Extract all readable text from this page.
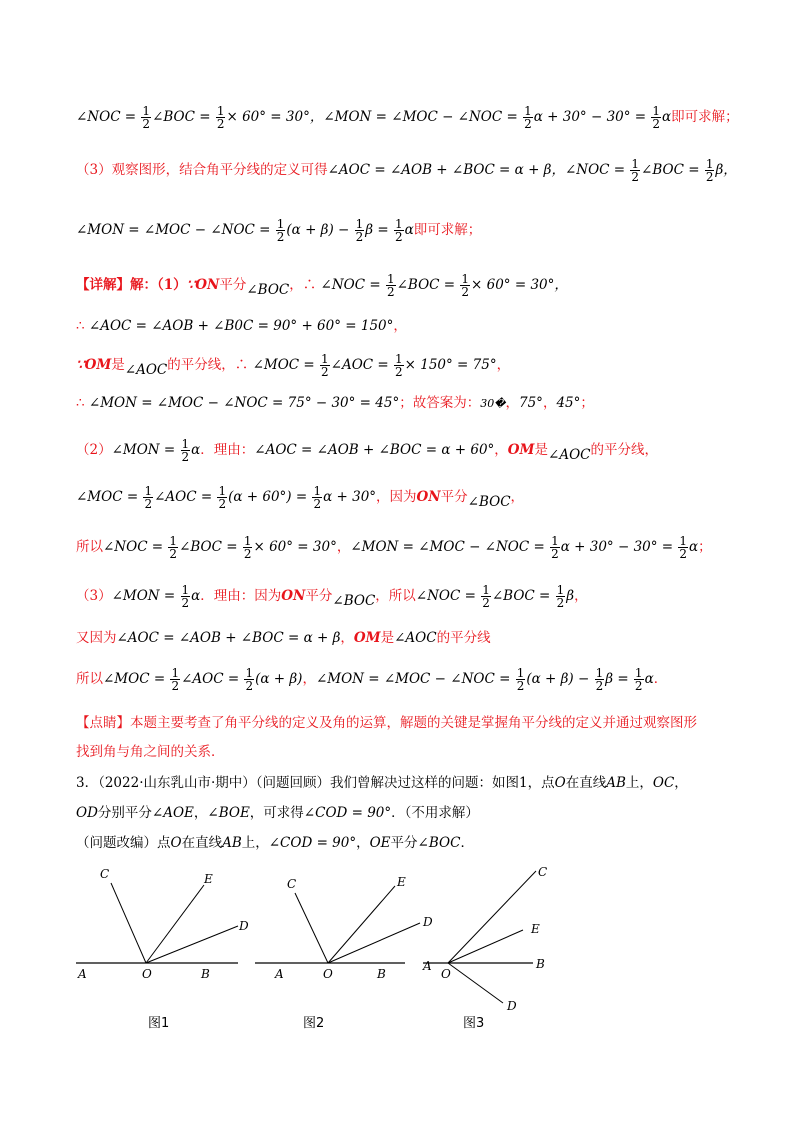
∠NOC = $\frac{1}{2}$ ∠BOC = $\frac{1}{2} \times 60^\circ = 30^\circ$，∠MON = ∠MOC − ∠NOC = $\frac{1}{2}$ $\alpha + 30^\circ - 30^\circ = \frac{1}{2}$ α即可求解；
（3）观察图形，结合角平分线的定义可得∠AOC = ∠AOB + ∠BOC = α + β，∠NOC = $\frac{1}{2}$ ∠BOC = $\frac{1}{2}$ β，
∠MON = ∠MOC − ∠NOC = $\frac{1}{2} (\alpha + \beta) - \frac{1}{2}$ $\beta = \frac{1}{2}$ α即可求解；
【详解】解：（1）∵ON平分∠BOC，∴ ∠NOC = $\frac{1}{2}$ ∠BOC = $\frac{1}{2} \times 60^\circ = 30^\circ$，
∴ ∠AOC = ∠AOB + ∠B0C = 90° + 60° = 150°，
∵OM是∠AOC的平分线，∴ ∠MOC = $\frac{1}{2}$ ∠AOC = $\frac{1}{2} \times 150^\circ = 75^\circ$，
∴ ∠MON = ∠MOC − ∠NOC = 75° − 30° = 45°；故答案为：30�，75°，45°；
（2）∠MON = $\frac{1}{2}$ α．理由：∠AOC = ∠AOB + ∠BOC = α + 60°，OM是∠AOC的平分线，
∠MOC = $\frac{1}{2}$ ∠AOC = $\frac{1}{2} (\alpha + 60^\circ) = \frac{1}{2}$ α + 30°，因为ON平分∠BOC，
所以∠NOC = $\frac{1}{2}$ ∠BOC = $\frac{1}{2} \times 60^\circ = 30^\circ$，∠MON = ∠MOC − ∠NOC = $\frac{1}{2}$ $\alpha + 30^\circ - 30^\circ = \frac{1}{2}$ α；
（3）∠MON = $\frac{1}{2}$ α．理由：因为ON平分∠BOC，所以∠NOC = $\frac{1}{2}$ ∠BOC = $\frac{1}{2}$ β，
又因为∠AOC = ∠AOB + ∠BOC = α + β，OM是∠AOC的平分线
所以∠MOC = $\frac{1}{2}$ ∠AOC = $\frac{1}{2} (\alpha + \beta)$，∠MON = ∠MOC − ∠NOC = $\frac{1}{2} (\alpha + \beta) - \frac{1}{2}$ $\beta = \frac{1}{2}$ α．
【点睛】本题主要考查了角平分线的定义及角的运算，解题的关键是掌握角平分线的定义并通过观察图形
找到角与角之间的关系．
3．（2022·山东乳山市·期中）（问题回顾）我们曾解决过这样的问题：如图1，点O在直线AB上，OC，
OD分别平分∠AOE，∠BOE，可求得∠COD = 90°．（不用求解）
（问题改编）点O在直线AB上，∠COD = 90°，OE平分∠BOC．
C	E
D
A	O	B
图1
C	E
D
A	O	B
图2
C
E
D
A
O
B
图3
